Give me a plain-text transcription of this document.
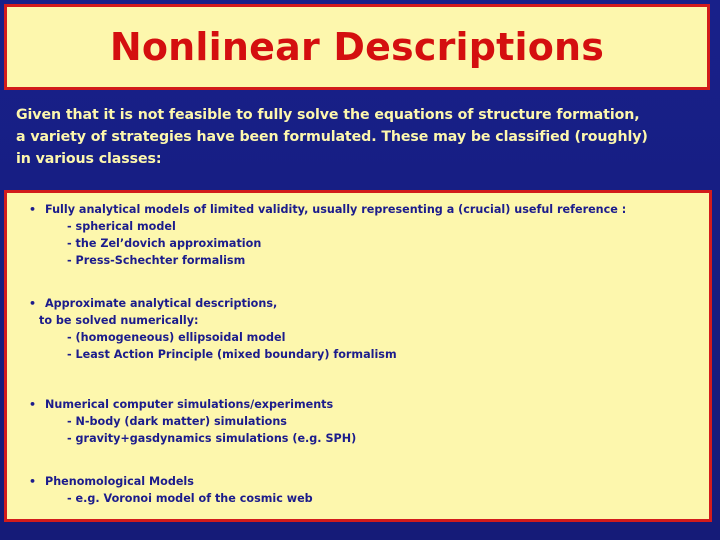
Nonlinear Descriptions
Given that it is not feasible to fully solve the equations of structure formation,
a variety of strategies have been formulated. These may be classified (roughly)
in various classes:
• Fully analytical models of limited validity, usually representing a (crucial) useful reference :
- spherical model
- the Zel’dovich approximation
- Press-Schechter formalism
• Approximate analytical descriptions,
to be solved numerically:
- (homogeneous) ellipsoidal model
- Least Action Principle (mixed boundary) formalism
• Numerical computer simulations/experiments
- N-body (dark matter) simulations
- gravity+gasdynamics simulations (e.g. SPH)
• Phenomological Models
- e.g. Voronoi model of the cosmic web
